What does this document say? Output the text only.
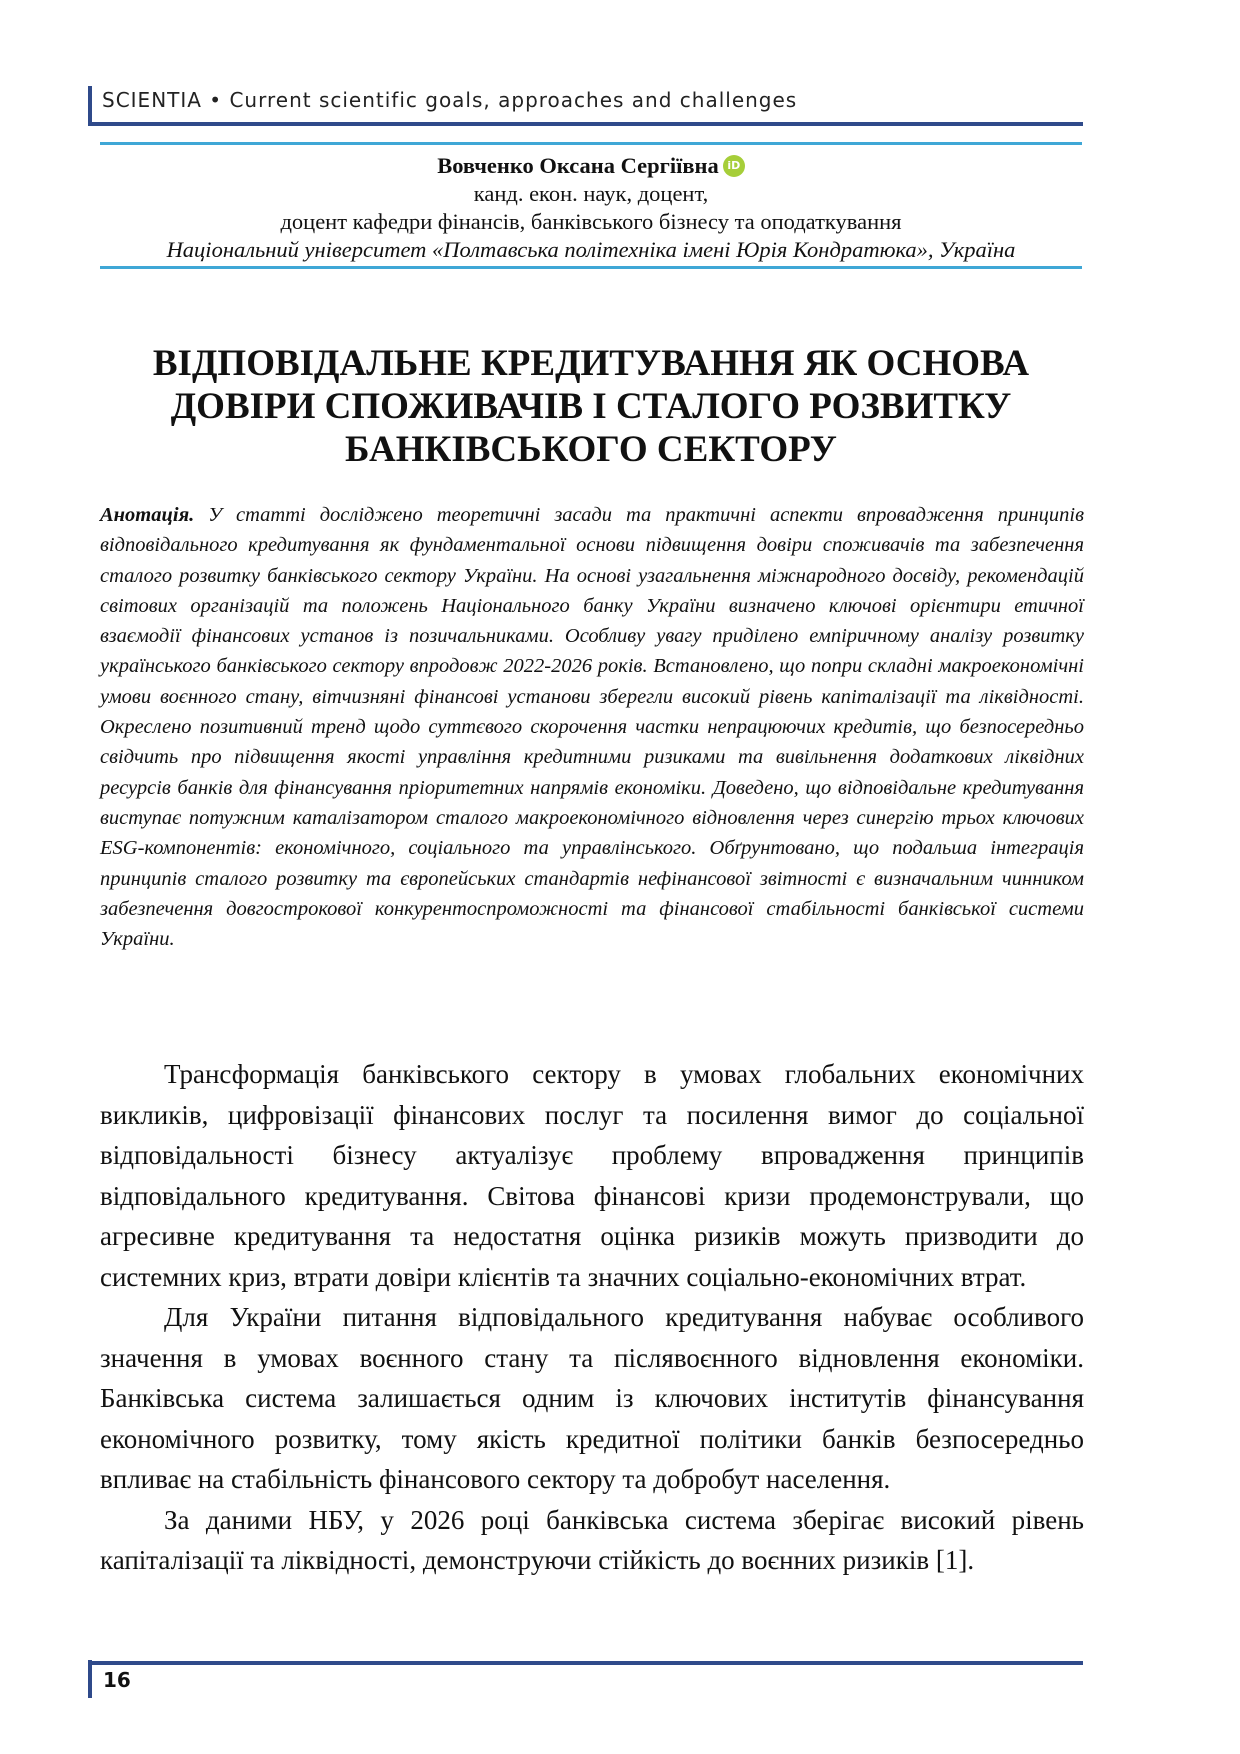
SCIENTIA • Current scientific goals, approaches and challenges
Вовченко Оксана Сергіївна iD
канд. екон. наук, доцент,
доцент кафедри фінансів, банківського бізнесу та оподаткування
Національний університет «Полтавська політехніка імені Юрія Кондратюка», Україна
ВІДПОВІДАЛЬНЕ КРЕДИТУВАННЯ ЯК ОСНОВА
ДОВІРИ СПОЖИВАЧІВ І СТАЛОГО РОЗВИТКУ
БАНКІВСЬКОГО СЕКТОРУ

Анотація. У статті досліджено теоретичні засади та практичні аспекти впровадження принципів відповідального кредитування як фундаментальної основи підвищення довіри споживачів та забезпечення сталого розвитку банківського сектору України. На основі узагальнення міжнародного досвіду, рекомендацій світових організацій та положень Національного банку України визначено ключові орієнтири етичної взаємодії фінансових установ із позичальниками. Особливу увагу приділено емпіричному аналізу розвитку українського банківського сектору впродовж 2022-2026 років. Встановлено, що попри складні макроекономічні умови воєнного стану, вітчизняні фінансові установи зберегли високий рівень капіталізації та ліквідності. Окреслено позитивний тренд щодо суттєвого скорочення частки непрацюючих кредитів, що безпосередньо свідчить про підвищення якості управління кредитними ризиками та вивільнення додаткових ліквідних ресурсів банків для фінансування пріоритетних напрямів економіки. Доведено, що відповідальне кредитування виступає потужним каталізатором сталого макроекономічного відновлення через синергію трьох ключових ESG-компонентів: економічного, соціального та управлінського. Обґрунтовано, що подальша інтеграція принципів сталого розвитку та європейських стандартів нефінансової звітності є визначальним чинником забезпечення довгострокової конкурентоспроможності та фінансової стабільності банківської системи України.

Трансформація банківського сектору в умовах глобальних економічних викликів, цифровізації фінансових послуг та посилення вимог до соціальної відповідальності бізнесу актуалізує проблему впровадження принципів відповідального кредитування. Світова фінансові кризи продемонстрували, що агресивне кредитування та недостатня оцінка ризиків можуть призводити до системних криз, втрати довіри клієнтів та значних соціально-економічних втрат.

Для України питання відповідального кредитування набуває особливого значення в умовах воєнного стану та післявоєнного відновлення економіки. Банківська система залишається одним із ключових інститутів фінансування економічного розвитку, тому якість кредитної політики банків безпосередньо впливає на стабільність фінансового сектору та добробут населення.

За даними НБУ, у 2026 році банківська система зберігає високий рівень капіталізації та ліквідності, демонструючи стійкість до воєнних ризиків [1].

16
